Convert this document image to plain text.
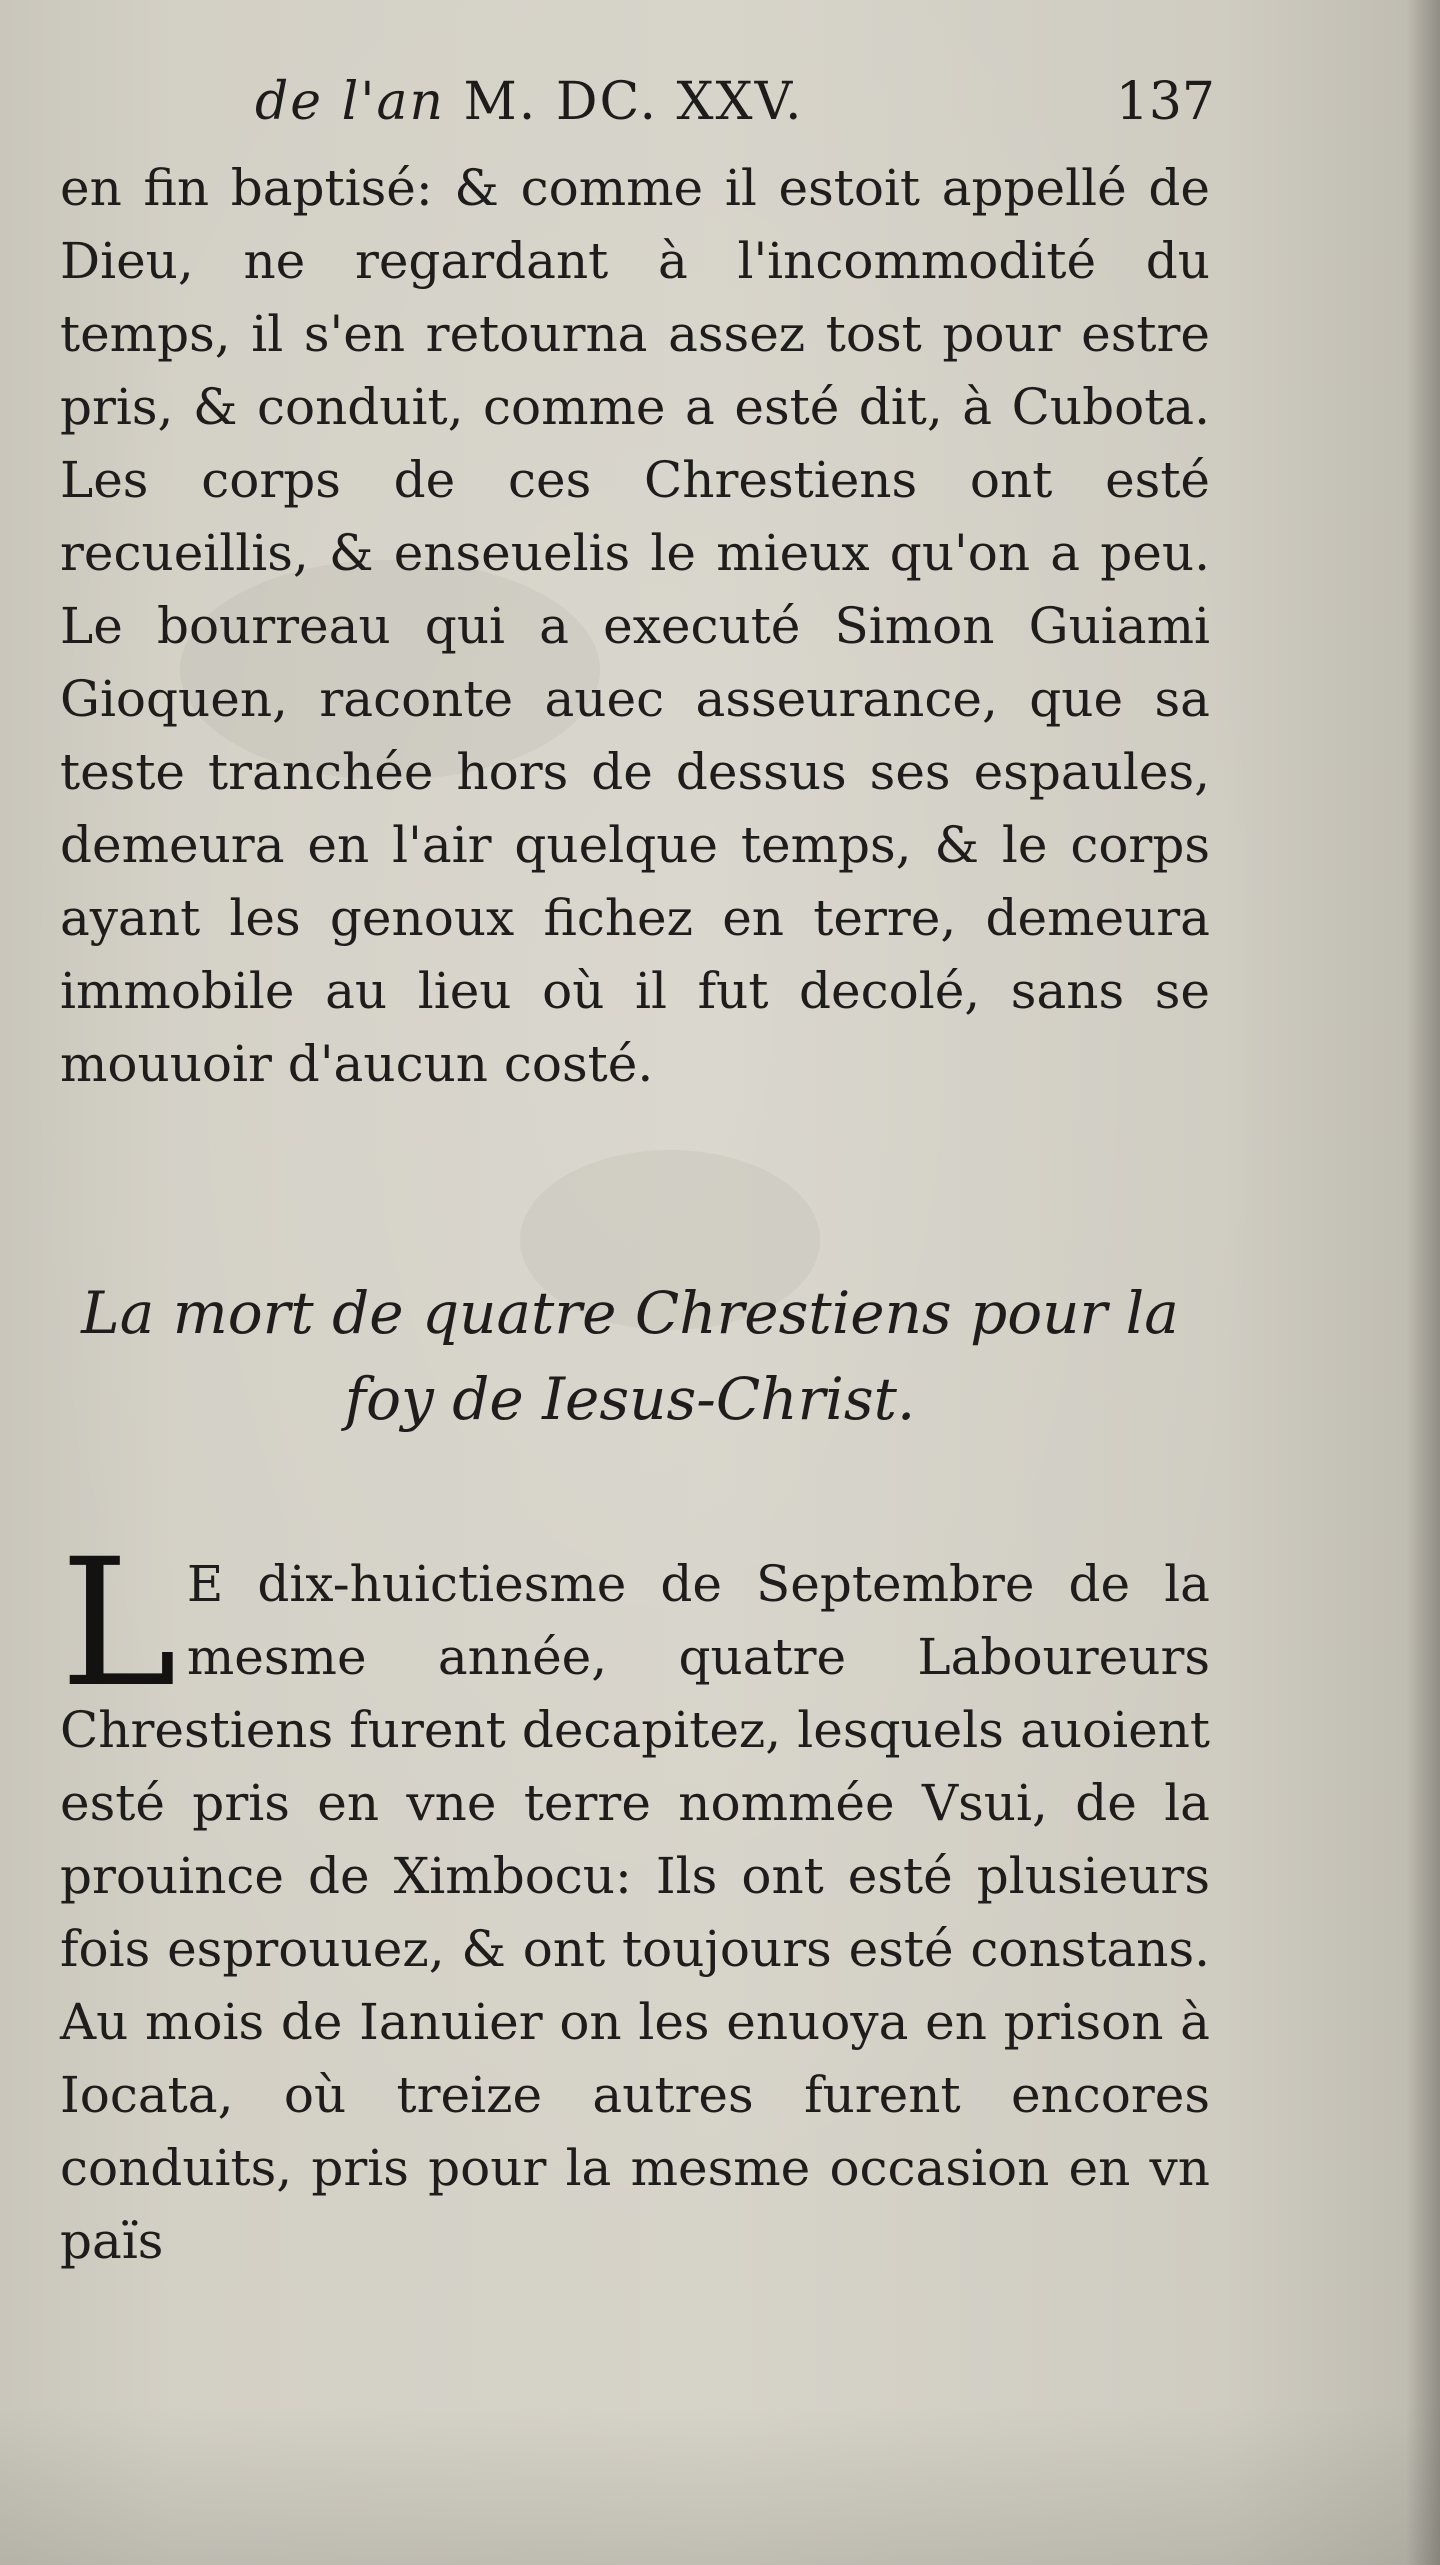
de l'an M. DC. XXV.	137

en fin baptisé: & comme il estoit appellé de Dieu, ne regardant à l'incommodité du temps, il s'en retourna assez tost pour estre pris, & conduit, comme a esté dit, à Cubota. Les corps de ces Chrestiens ont esté recueillis, & enseuelis le mieux qu'on a peu. Le bourreau qui a executé Simon Guiami Gioquen, raconte auec asseurance, que sa teste tranchée hors de dessus ses espaules, demeura en l'air quelque temps, & le corps ayant les genoux fichez en terre, demeura immobile au lieu où il fut decolé, sans se mouuoir d'aucun costé.

La mort de quatre Chrestiens pour la

foy de Iesus-Christ.

L E dix-huictiesme de Septembre de la mesme année, quatre Laboureurs Chrestiens furent decapitez, lesquels auoient esté pris en vne terre nommée Vsui, de la prouince de Ximbocu: Ils ont esté plusieurs fois esprouuez, & ont toujours esté constans. Au mois de Ianuier on les enuoya en prison à Iocata, où treize autres furent encores conduits, pris pour la mesme occasion en vn païs
